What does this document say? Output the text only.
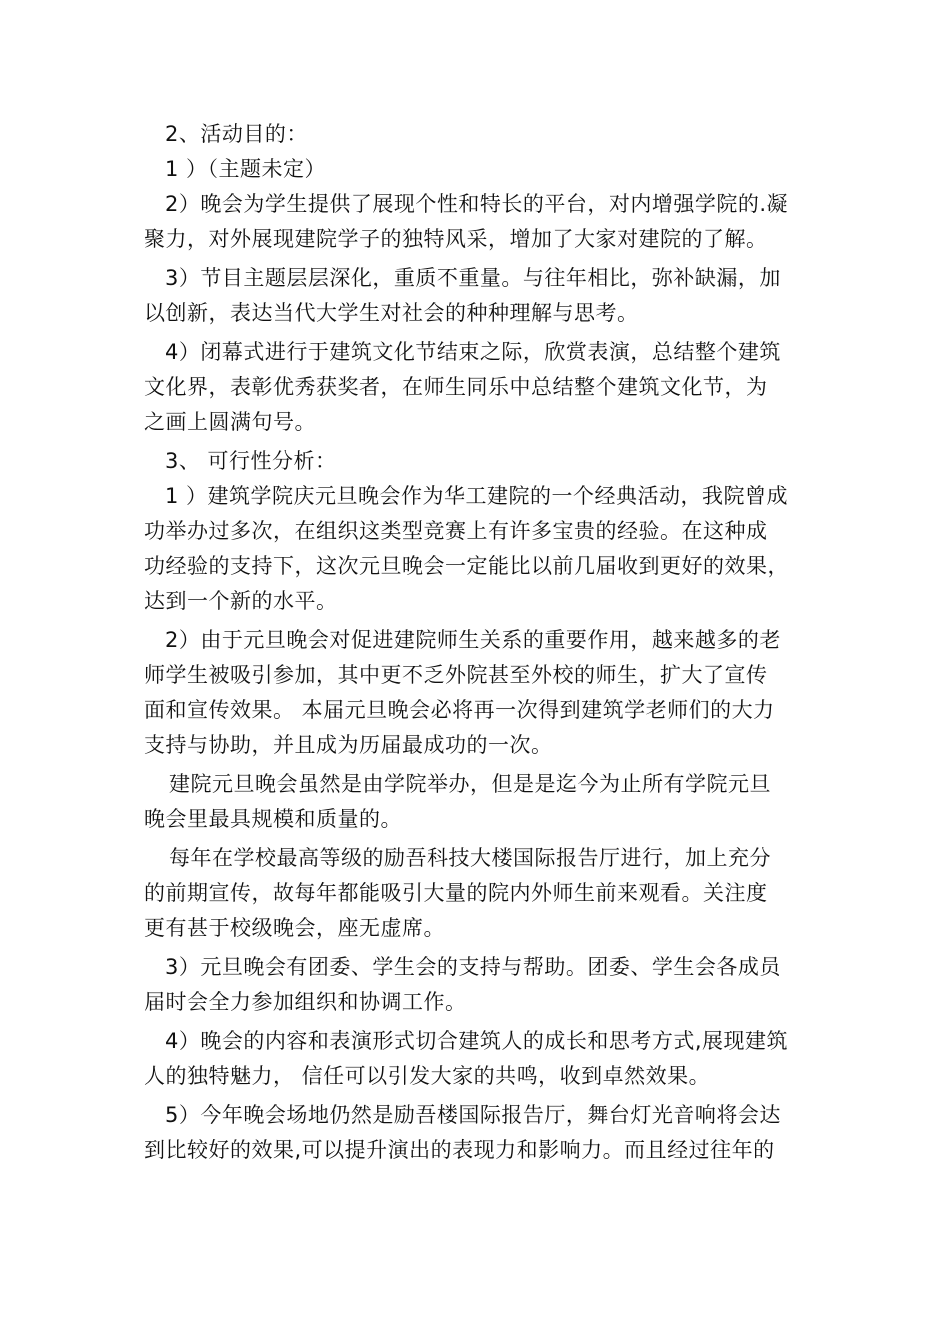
2、活动目的：
1 ）（主题未定）
2）晚会为学生提供了展现个性和特长的平台，对内增强学院的.凝
聚力，对外展现建院学子的独特风采，增加了大家对建院的了解。
3）节目主题层层深化，重质不重量。与往年相比，弥补缺漏，加
以创新，表达当代大学生对社会的种种理解与思考。
4）闭幕式进行于建筑文化节结束之际，欣赏表演，总结整个建筑
文化界，表彰优秀获奖者，在师生同乐中总结整个建筑文化节，为
之画上圆满句号。
3、 可行性分析：
1 ）建筑学院庆元旦晚会作为华工建院的一个经典活动，我院曾成
功举办过多次，在组织这类型竞赛上有许多宝贵的经验。在这种成
功经验的支持下，这次元旦晚会一定能比以前几届收到更好的效果，
达到一个新的水平。
2）由于元旦晚会对促进建院师生关系的重要作用，越来越多的老
师学生被吸引参加，其中更不乏外院甚至外校的师生，扩大了宣传
面和宣传效果。 本届元旦晚会必将再一次得到建筑学老师们的大力
支持与协助，并且成为历届最成功的一次。
建院元旦晚会虽然是由学院举办，但是是迄今为止所有学院元旦
晚会里最具规模和质量的。
每年在学校最高等级的励吾科技大楼国际报告厅进行，加上充分
的前期宣传，故每年都能吸引大量的院内外师生前来观看。关注度
更有甚于校级晚会，座无虚席。
3）元旦晚会有团委、学生会的支持与帮助。团委、学生会各成员
届时会全力参加组织和协调工作。
4）晚会的内容和表演形式切合建筑人的成长和思考方式,展现建筑
人的独特魅力， 信任可以引发大家的共鸣，收到卓然效果。
5）今年晚会场地仍然是励吾楼国际报告厅，舞台灯光音响将会达
到比较好的效果,可以提升演出的表现力和影响力。而且经过往年的
